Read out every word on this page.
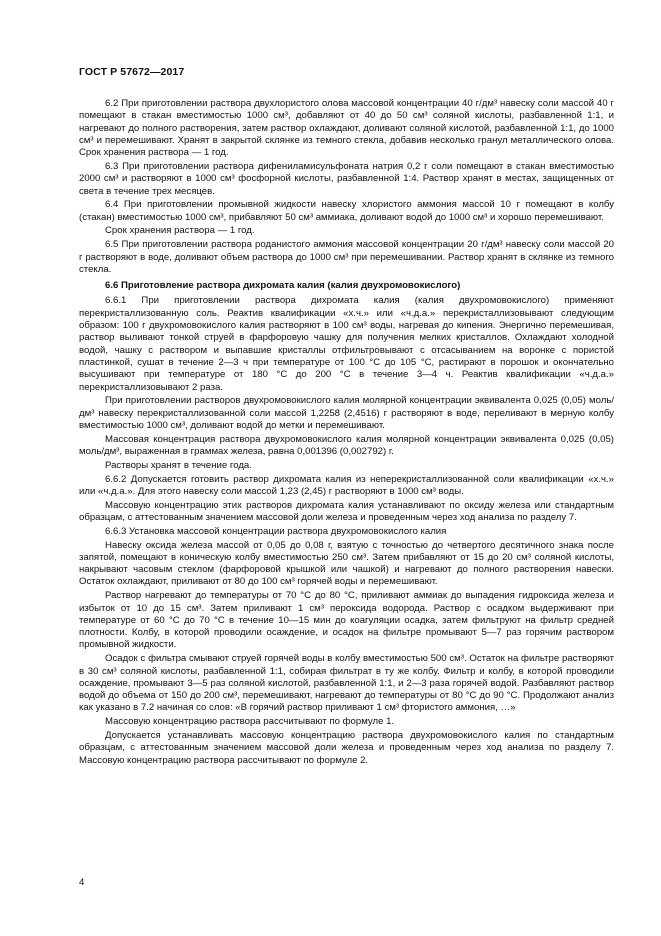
ГОСТ Р 57672—2017

6.2 При приготовлении раствора двухлористого олова массовой концентрации 40 г/дм³ навеску соли массой 40 г помещают в стакан вместимостью 1000 см³, добавляют от 40 до 50 см³ соляной кислоты, разбавленной 1:1, и нагревают до полного растворения, затем раствор охлаждают, доливают соляной кислотой, разбавленной 1:1, до 1000 см³ и перемешивают. Хранят в закрытой склянке из темного стекла, добавив несколько гранул металлического олова. Срок хранения раствора — 1 год.

6.3 При приготовлении раствора дифениламисульфоната натрия 0,2 г соли помещают в стакан вместимостью 2000 см³ и растворяют в 1000 см³ фосфорной кислоты, разбавленной 1:4. Раствор хранят в местах, защищенных от света в течение трех месяцев.

6.4 При приготовлении промывной жидкости навеску хлористого аммония массой 10 г помещают в колбу (стакан) вместимостью 1000 см³, прибавляют 50 см³ аммиака, доливают водой до 1000 см³ и хорошо перемешивают.

Срок хранения раствора — 1 год.

6.5 При приготовлении раствора роданистого аммония массовой концентрации 20 г/дм³ навеску соли массой 20 г растворяют в воде, доливают объем раствора до 1000 см³ при перемешивании. Раствор хранят в склянке из темного стекла.

6.6 Приготовление раствора дихромата калия (калия двухромовокислого)

6.6.1 При приготовлении раствора дихромата калия (калия двухромовокислого) применяют перекристаллизованную соль. Реактив квалификации «х.ч.» или «ч.д.а.» перекристаллизовывают следующим образом: 100 г двухромовокислого калия растворяют в 100 см³ воды, нагревая до кипения. Энергично перемешивая, раствор выливают тонкой струей в фарфоровую чашку для получения мелких кристаллов. Охлаждают холодной водой, чашку с раствором и выпавшие кристаллы отфильтровывают с отсасыванием на воронке с пористой пластинкой, сушат в течение 2—3 ч при температуре от 100 °С до 105 °С, растирают в порошок и окончательно высушивают при температуре от 180 °С до 200 °С в течение 3—4 ч. Реактив квалификации «ч.д.а.» перекристаллизовывают 2 раза.

При приготовлении растворов двухромовокислого калия молярной концентрации эквивалента 0,025 (0,05) моль/дм³ навеску перекристаллизованной соли массой 1,2258 (2,4516) г растворяют в воде, переливают в мерную колбу вместимостью 1000 см³, доливают водой до метки и перемешивают.

Массовая концентрация раствора двухромовокислого калия молярной концентрации эквивалента 0,025 (0,05) моль/дм³, выраженная в граммах железа, равна 0,001396 (0,002792) г.

Растворы хранят в течение года.

6.6.2 Допускается готовить раствор дихромата калия из неперекристаллизованной соли квалификации «х.ч.» или «ч.д.а.». Для этого навеску соли массой 1,23 (2,45) г растворяют в 1000 см³ воды.

Массовую концентрацию этих растворов дихромата калия устанавливают по оксиду железа или стандартным образцам, с аттестованным значением массовой доли железа и проведенным через ход анализа по разделу 7.

6.6.3 Установка массовой концентрации раствора двухромовокислого калия

Навеску оксида железа массой от 0,05 до 0,08 г, взятую с точностью до четвертого десятичного знака после запятой, помещают в коническую колбу вместимостью 250 см³. Затем прибавляют от 15 до 20 см³ соляной кислоты, накрывают часовым стеклом (фарфоровой крышкой или чашкой) и нагревают до полного растворения навески. Остаток охлаждают, приливают от 80 до 100 см³ горячей воды и перемешивают.

Раствор нагревают до температуры от 70 °С до 80 °С, приливают аммиак до выпадения гидроксида железа и избыток от 10 до 15 см³. Затем приливают 1 см³ пероксида водорода. Раствор с осадком выдерживают при температуре от 60 °С до 70 °С в течение 10—15 мин до коагуляции осадка, затем фильтруют на фильтр средней плотности. Колбу, в которой проводили осаждение, и осадок на фильтре промывают 5—7 раз горячим раствором промывной жидкости.

Осадок с фильтра смывают струей горячей воды в колбу вместимостью 500 см³. Остаток на фильтре растворяют в 30 см³ соляной кислоты, разбавленной 1:1, собирая фильтрат в ту же колбу. Фильтр и колбу, в которой проводили осаждение, промывают 3—5 раз соляной кислотой, разбавленной 1:1, и 2—3 раза горячей водой. Разбавляют раствор водой до объема от 150 до 200 см³, перемешивают, нагревают до температуры от 80 °С до 90 °С. Продолжают анализ как указано в 7.2 начиная со слов: «В горячий раствор приливают 1 см³ фтористого аммония, …»

Массовую концентрацию раствора рассчитывают по формуле 1.

Допускается устанавливать массовую концентрацию раствора двухромовокислого калия по стандартным образцам, с аттестованным значением массовой доли железа и проведенным через ход анализа по разделу 7. Массовую концентрацию раствора рассчитывают по формуле 2.

4
